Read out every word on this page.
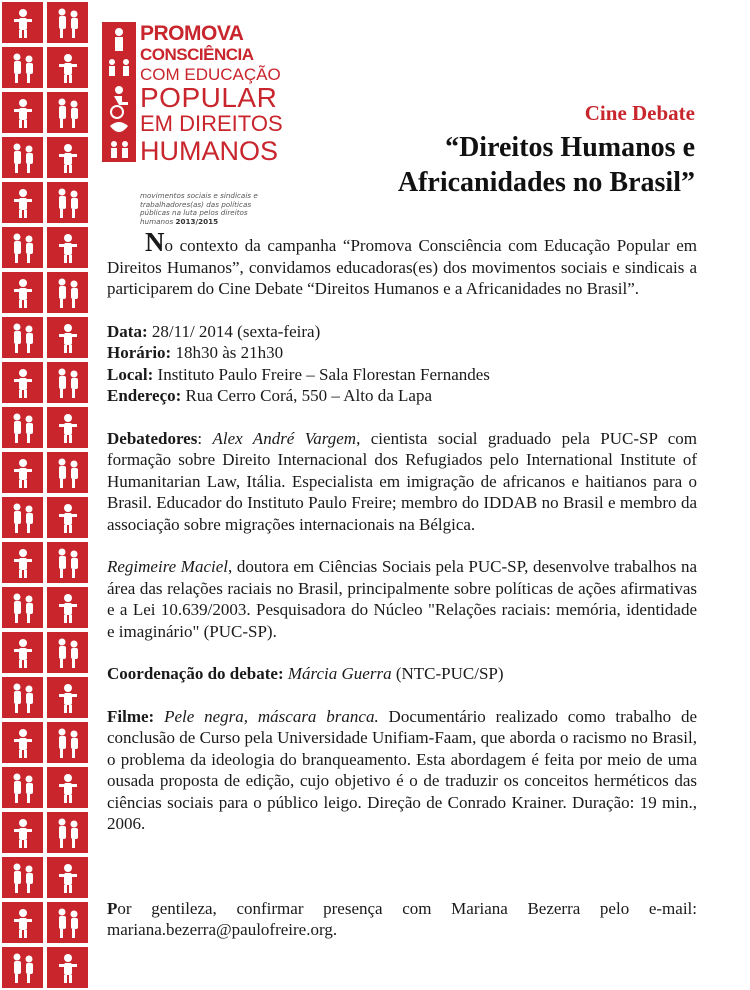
PROMOVA
CONSCIÊNCIA
COM EDUCAÇÃO
POPULAR
EM DIREITOS
HUMANOS
movimentos sociais e sindicais e trabalhadores(as) das políticas públicas na luta pelos direitos humanos 2013/2015
Cine Debate
“Direitos Humanos e
Africanidades no Brasil”

No contexto da campanha “Promova Consciência com Educação Popular em Direitos Humanos”, convidamos educadoras(es) dos movimentos sociais e sindicais a participarem do Cine Debate “Direitos Humanos e a Africanidades no Brasil”.

Data: 28/11/ 2014 (sexta-feira)

Horário: 18h30 às 21h30

Local: Instituto Paulo Freire – Sala Florestan Fernandes

Endereço: Rua Cerro Corá, 550 – Alto da Lapa

Debatedores: Alex André Vargem, cientista social graduado pela PUC-SP com formação sobre Direito Internacional dos Refugiados pelo International Institute of Humanitarian Law, Itália. Especialista em imigração de africanos e haitianos para o Brasil. Educador do Instituto Paulo Freire; membro do IDDAB no Brasil e membro da associação sobre migrações internacionais na Bélgica.

Regimeire Maciel, doutora em Ciências Sociais pela PUC-SP, desenvolve trabalhos na área das relações raciais no Brasil, principalmente sobre políticas de ações afirmativas e a Lei 10.639/2003. Pesquisadora do Núcleo "Relações raciais: memória, identidade e imaginário" (PUC-SP).

Coordenação do debate: Márcia Guerra (NTC-PUC/SP)

Filme: Pele negra, máscara branca. Documentário realizado como trabalho de conclusão de Curso pela Universidade Unifiam-Faam, que aborda o racismo no Brasil, o problema da ideologia do branqueamento. Esta abordagem é feita por meio de uma ousada proposta de edição, cujo objetivo é o de traduzir os conceitos herméticos das ciências sociais para o público leigo. Direção de Conrado Krainer. Duração: 19 min., 2006.

Por gentileza, confirmar presença com Mariana Bezerra pelo e-mail: mariana.bezerra@paulofreire.org.
